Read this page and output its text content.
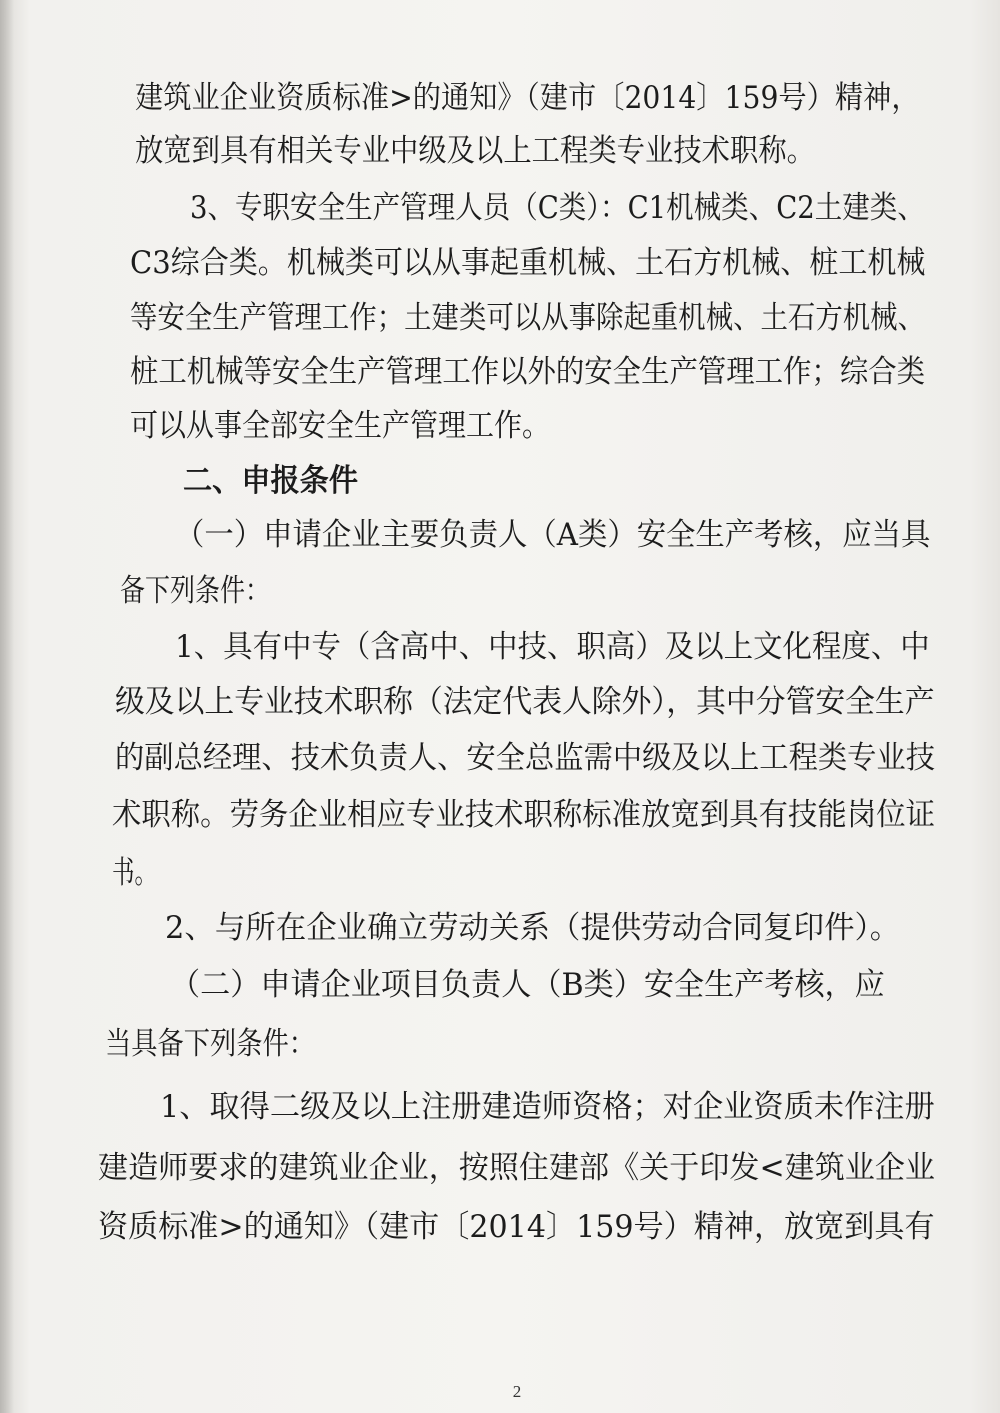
建筑业企业资质标准>的通知》（建市〔2014〕159号）精神，
放宽到具有相关专业中级及以上工程类专业技术职称。
3、专职安全生产管理人员（C类）：C1机械类、C2土建类、
C3综合类。机械类可以从事起重机械、土石方机械、桩工机械
等安全生产管理工作；土建类可以从事除起重机械、土石方机械、
桩工机械等安全生产管理工作以外的安全生产管理工作；综合类
可以从事全部安全生产管理工作。
二、申报条件
（一）申请企业主要负责人（A类）安全生产考核，应当具
备下列条件：
1、具有中专（含高中、中技、职高）及以上文化程度、中
级及以上专业技术职称（法定代表人除外），其中分管安全生产
的副总经理、技术负责人、安全总监需中级及以上工程类专业技
术职称。劳务企业相应专业技术职称标准放宽到具有技能岗位证
书。
2、与所在企业确立劳动关系（提供劳动合同复印件）。
（二）申请企业项目负责人（B类）安全生产考核，应
当具备下列条件：
1、取得二级及以上注册建造师资格；对企业资质未作注册
建造师要求的建筑业企业，按照住建部《关于印发<建筑业企业
资质标准>的通知》（建市〔2014〕159号）精神，放宽到具有
2
